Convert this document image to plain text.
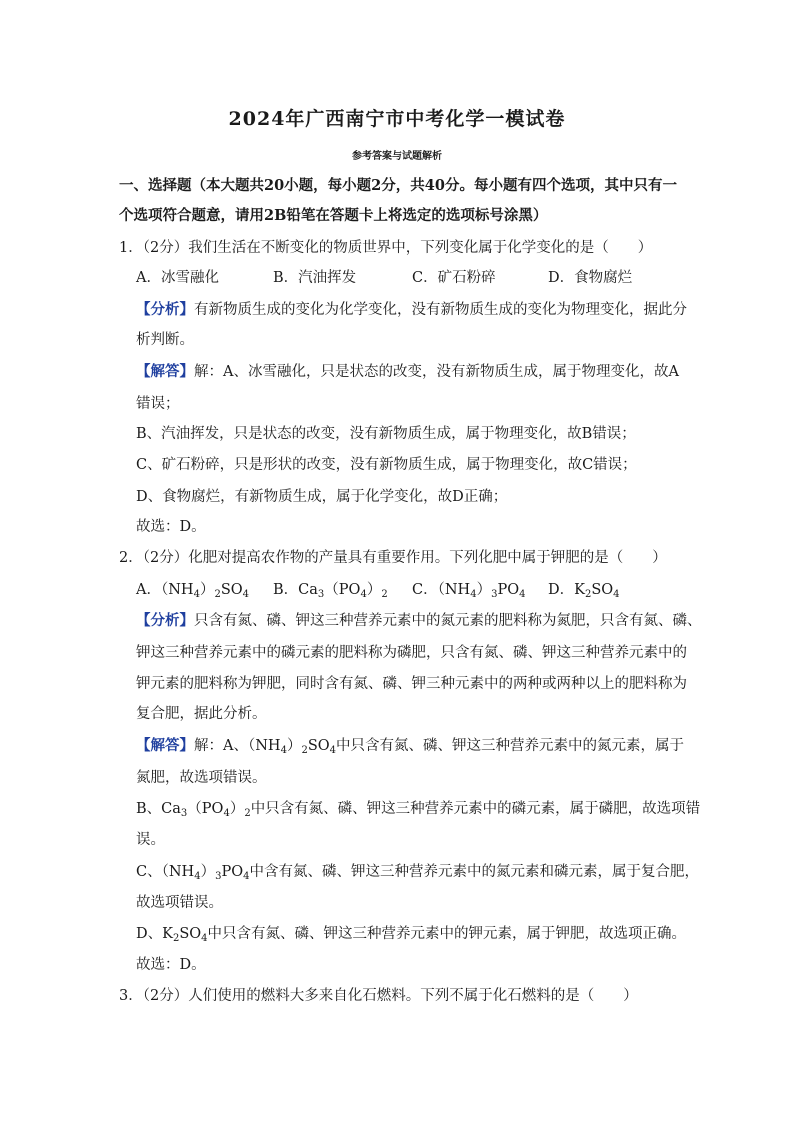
2024年广西南宁市中考化学一模试卷
参考答案与试题解析
一、选择题（本大题共20小题，每小题2分，共40分。每小题有四个选项，其中只有一
个选项符合题意，请用2B铅笔在答题卡上将选定的选项标号涂黑）
1．（2分）我们生活在不断变化的物质世界中，下列变化属于化学变化的是（　　）
A．冰雪融化	B．汽油挥发	C．矿石粉碎	D．食物腐烂
【分析】有新物质生成的变化为化学变化，没有新物质生成的变化为物理变化，据此分
析判断。
【解答】解：A、冰雪融化，只是状态的改变，没有新物质生成，属于物理变化，故A
错误；
B、汽油挥发，只是状态的改变，没有新物质生成，属于物理变化，故B错误；
C、矿石粉碎，只是形状的改变，没有新物质生成，属于物理变化，故C错误；
D、食物腐烂，有新物质生成，属于化学变化，故D正确；
故选：D。
2．（2分）化肥对提高农作物的产量具有重要作用。下列化肥中属于钾肥的是（　　）
A．$(NH_4)_2SO_4$ B．$Ca_3(PO_4)_2$ C．$(NH_4)_3PO_4$ D．$K_2SO_4$
【分析】只含有氮、磷、钾这三种营养元素中的氮元素的肥料称为氮肥，只含有氮、磷、
钾这三种营养元素中的磷元素的肥料称为磷肥，只含有氮、磷、钾这三种营养元素中的
钾元素的肥料称为钾肥，同时含有氮、磷、钾三种元素中的两种或两种以上的肥料称为
复合肥，据此分析。
【解答】解：A、$(NH_4)_2SO_4$中只含有氮、磷、钾这三种营养元素中的氮元素，属于
氮肥，故选项错误。
B、$Ca_3(PO_4)_2$中只含有氮、磷、钾这三种营养元素中的磷元素，属于磷肥，故选项错
误。
C、$(NH_4)_3PO_4$中含有氮、磷、钾这三种营养元素中的氮元素和磷元素，属于复合肥，
故选项错误。
D、$K_2SO_4$中只含有氮、磷、钾这三种营养元素中的钾元素，属于钾肥，故选项正确。
故选：D。
3．（2分）人们使用的燃料大多来自化石燃料。下列不属于化石燃料的是（　　）
